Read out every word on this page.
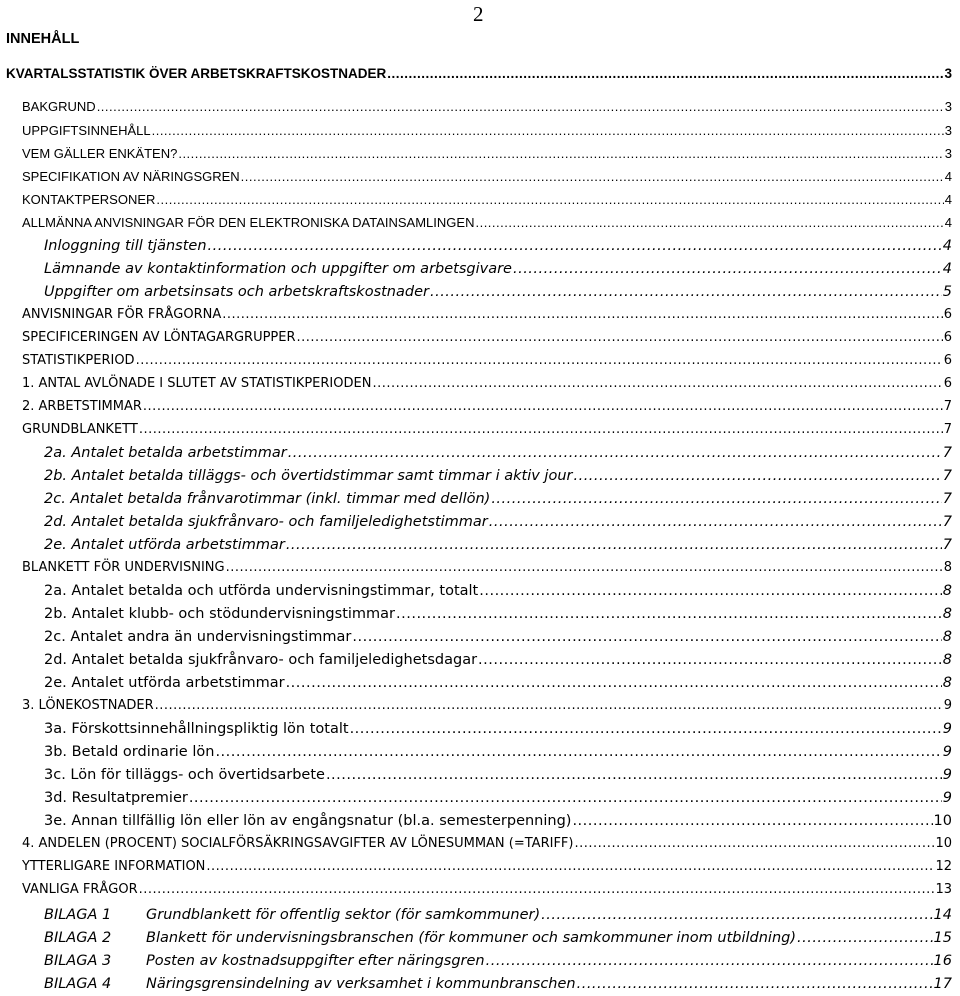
2
INNEHÅLL
KVARTALSSTATISTIK ÖVER ARBETSKRAFTSKOSTNADER .....	3
BAKGRUND .....	3
UPPGIFTSINNEHÅLL .....	3
VEM GÄLLER ENKÄTEN? .....	3
SPECIFIKATION AV NÄRINGSGREN .....	4
KONTAKTPERSONER .....	4
ALLMÄNNA ANVISNINGAR FÖR DEN ELEKTRONISKA DATAINSAMLINGEN .....	4
Inloggning till tjänsten .....	4
Lämnande av kontaktinformation och uppgifter om arbetsgivare .....	4
Uppgifter om arbetsinsats och arbetskraftskostnader .....	5
ANVISNINGAR FÖR FRÅGORNA .....	6
SPECIFICERINGEN AV LÖNTAGARGRUPPER .....	6
STATISTIKPERIOD .....	6
1. ANTAL AVLÖNADE I SLUTET AV STATISTIKPERIODEN .....	6
2. ARBETSTIMMAR .....	7
GRUNDBLANKETT .....	7
2a. Antalet betalda arbetstimmar .....	7
2b. Antalet betalda tilläggs- och övertidstimmar samt timmar i aktiv jour .....	7
2c. Antalet betalda frånvarotimmar (inkl. timmar med dellön) .....	7
2d. Antalet betalda sjukfrånvaro- och familjeledighetstimmar .....	7
2e. Antalet utförda arbetstimmar .....	7
BLANKETT FÖR UNDERVISNING .....	8
2a. Antalet betalda och utförda undervisningstimmar, totalt .....	8
2b. Antalet klubb- och stödundervisningstimmar .....	8
2c. Antalet andra än undervisningstimmar .....	8
2d. Antalet betalda sjukfrånvaro- och familjeledighetsdagar .....	8
2e. Antalet utförda arbetstimmar .....	8
3. LÖNEKOSTNADER .....	9
3a. Förskottsinnehållningspliktig lön totalt .....	9
3b. Betald ordinarie lön .....	9
3c. Lön för tilläggs- och övertidsarbete .....	9
3d. Resultatpremier .....	9
3e. Annan tillfällig lön eller lön av engångsnatur (bl.a. semesterpenning) .....	10
4. ANDELEN (PROCENT) SOCIALFÖRSÄKRINGSAVGIFTER AV LÖNESUMMAN (=TARIFF) .....	10
YTTERLIGARE INFORMATION .....	12
VANLIGA FRÅGOR .....	13
BILAGA 1	Grundblankett för offentlig sektor (för samkommuner) .....	14
BILAGA 2	Blankett för undervisningsbranschen (för kommuner och samkommuner inom utbildning) .....	15
BILAGA 3	Posten av kostnadsuppgifter efter näringsgren .....	16
BILAGA 4	Näringsgrensindelning av verksamhet i kommunbranschen .....	17
